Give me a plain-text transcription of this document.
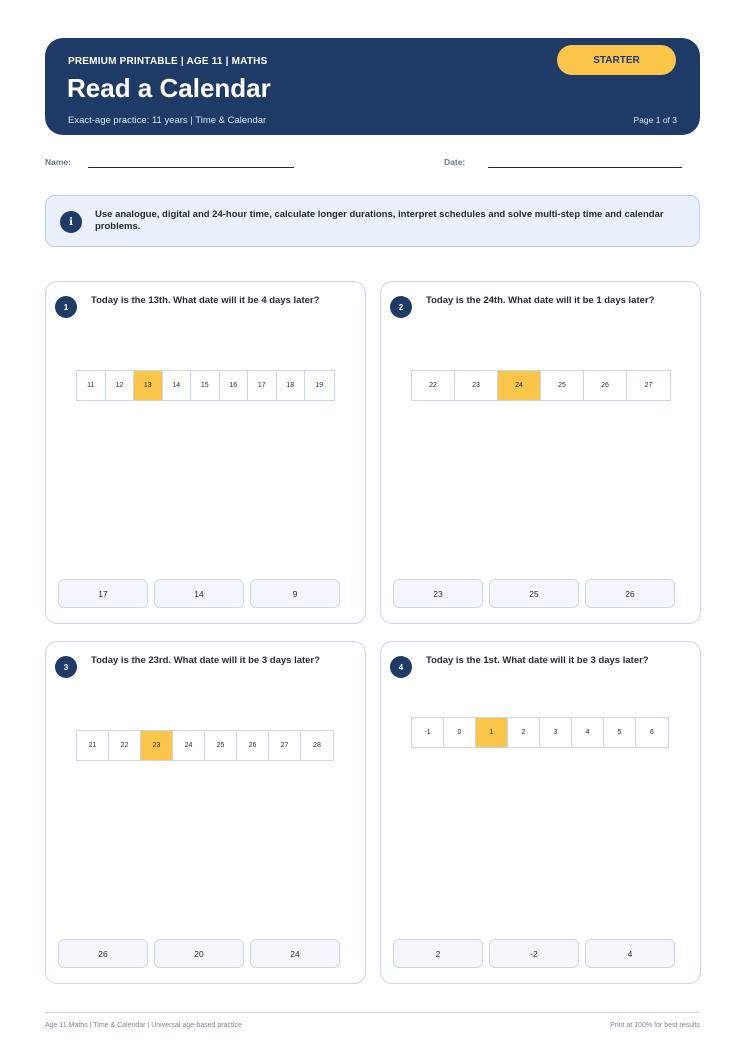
PREMIUM PRINTABLE | AGE 11 | MATHS
Read a Calendar
Exact-age practice: 11 years | Time & Calendar	Page 1 of 3
STARTER
Name:	Date:
i
Use analogue, digital and 24-hour time, calculate longer durations, interpret schedules and solve multi-step time and calendar problems.
1
Today is the 13th. What date will it be 4 days later?
11	12	13	14	15	16	17	18	19
17	14	9
2
Today is the 24th. What date will it be 1 days later?
22	23	24	25	26	27
23	25	26
3
Today is the 23rd. What date will it be 3 days later?
21	22	23	24	25	26	27	28
26	20	24
4
Today is the 1st. What date will it be 3 days later?
-1	0	1	2	3	4	5	6
2	-2	4
Age 11 Maths | Time & Calendar | Universal age-based practice	Print at 100% for best results
